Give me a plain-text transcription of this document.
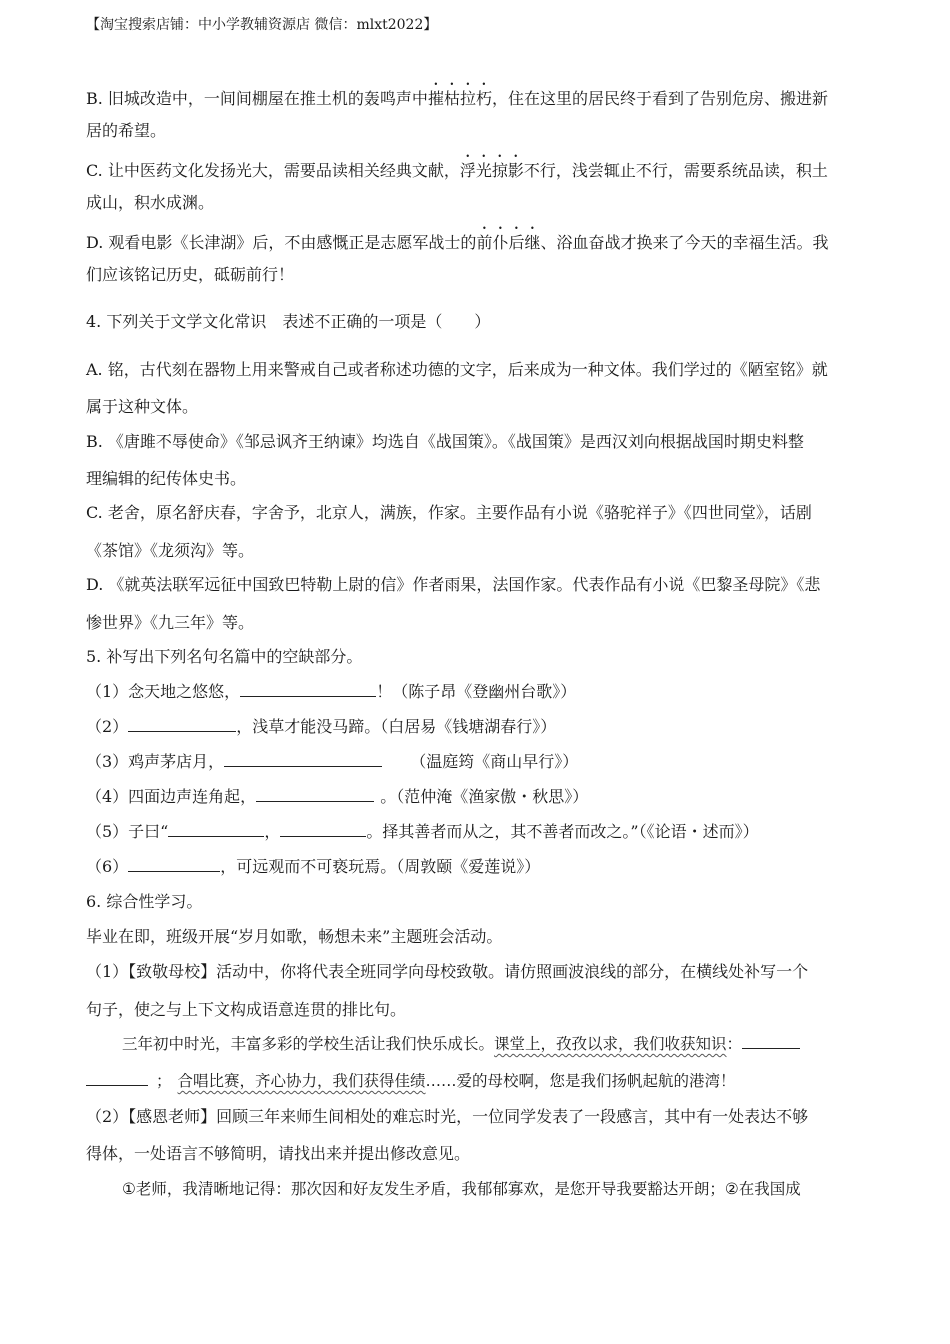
【淘宝搜索店铺：中小学教辅资源店 微信：mlxt2022】
B. 旧城改造中，一间间棚屋在推土机的轰鸣声中摧枯拉朽，住在这里的居民终于看到了告别危房、搬进新
居的希望。
C. 让中医药文化发扬光大，需要品读相关经典文献，浮光掠影不行，浅尝辄止不行，需要系统品读，积土
成山，积水成渊。
D. 观看电影《长津湖》后，不由感慨正是志愿军战士的前仆后继、浴血奋战才换来了今天的幸福生活。我
们应该铭记历史，砥砺前行！
4. 下列关于文学文化常识　表述不正确的一项是（　　）
A. 铭，古代刻在器物上用来警戒自己或者称述功德的文字，后来成为一种文体。我们学过的《陋室铭》就
属于这种文体。
B. 《唐雎不辱使命》《邹忌讽齐王纳谏》均选自《战国策》。《战国策》是西汉刘向根据战国时期史料整
理编辑的纪传体史书。
C. 老舍，原名舒庆春，字舍予，北京人，满族，作家。主要作品有小说《骆驼祥子》《四世同堂》，话剧
《茶馆》《龙须沟》等。
D. 《就英法联军远征中国致巴特勒上尉的信》作者雨果，法国作家。代表作品有小说《巴黎圣母院》《悲
惨世界》《九三年》等。
5. 补写出下列名句名篇中的空缺部分。
（1）念天地之悠悠，	！（陈子昂《登幽州台歌》）
（2）	，浅草才能没马蹄。（白居易《钱塘湖春行》）
（3）鸡声茅店月，	（温庭筠《商山早行》）
（4）四面边声连角起，	。（范仲淹《渔家傲・秋思》）
（5）子曰“	，	。择其善者而从之，其不善者而改之。”（《论语・述而》）
（6）	，可远观而不可亵玩焉。（周敦颐《爱莲说》）
6. 综合性学习。
毕业在即，班级开展“岁月如歌，畅想未来”主题班会活动。
（1）【致敬母校】活动中，你将代表全班同学向母校致敬。请仿照画波浪线的部分，在横线处补写一个
句子，使之与上下文构成语意连贯的排比句。
三年初中时光，丰富多彩的学校生活让我们快乐成长。课堂上，孜孜以求，我们收获知识：
； 合唱比赛，齐心协力，我们获得佳绩……爱的母校啊，您是我们扬帆起航的港湾！
（2）【感恩老师】回顾三年来师生间相处的难忘时光，一位同学发表了一段感言，其中有一处表达不够
得体，一处语言不够简明，请找出来并提出修改意见。
①老师，我清晰地记得：那次因和好友发生矛盾，我郁郁寡欢，是您开导我要豁达开朗；②在我国成
